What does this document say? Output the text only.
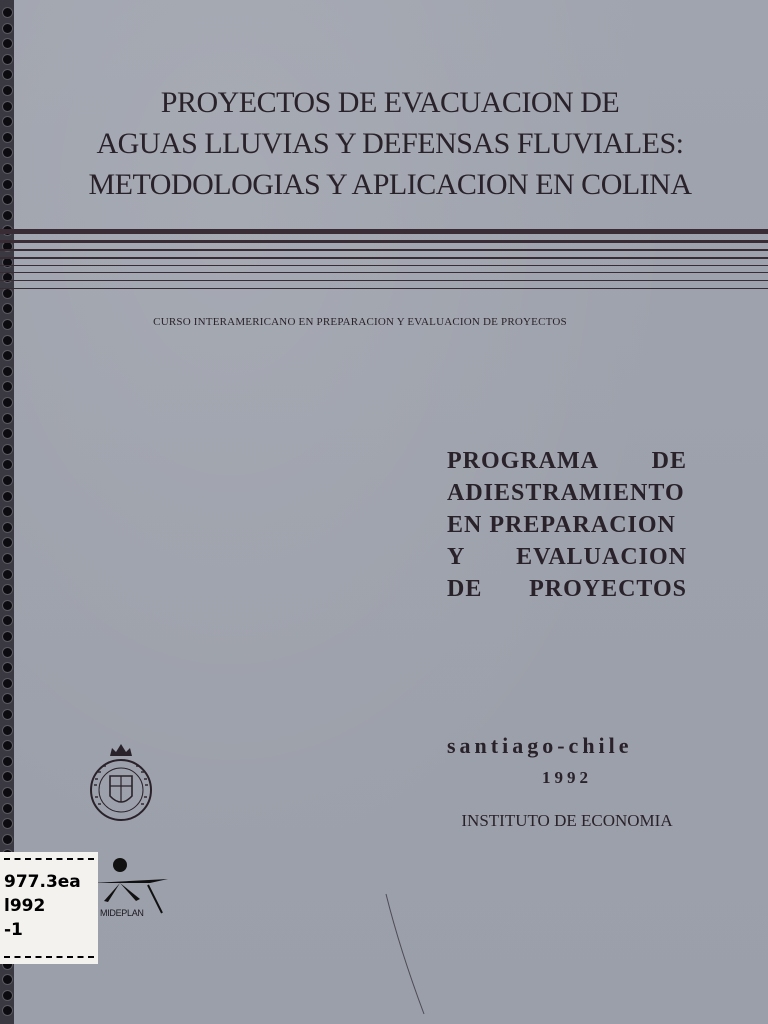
PROYECTOS DE EVACUACION DE
AGUAS LLUVIAS Y DEFENSAS FLUVIALES:
METODOLOGIAS Y APLICACION EN COLINA
CURSO INTERAMERICANO EN PREPARACION Y EVALUACION DE PROYECTOS
PROGRAMA DE
ADIESTRAMIENTO
EN PREPARACION
Y EVALUACION
DE PROYECTOS
santiago-chile
1992
INSTITUTO DE ECONOMIA
MIDEPLAN
977.3ea
l992
-1
